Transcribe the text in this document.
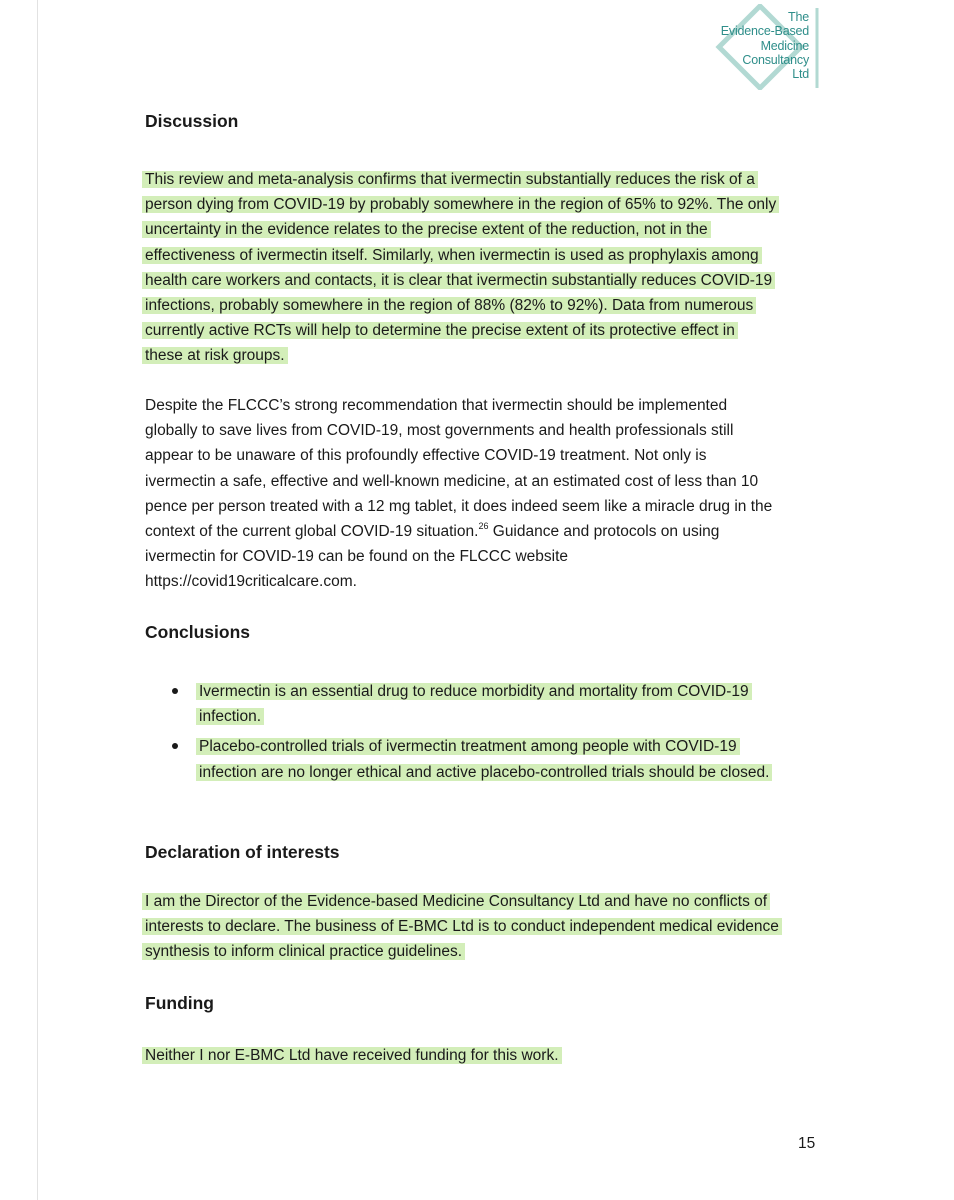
The
Evidence-Based
Medicine
Consultancy
Ltd
Discussion
This review and meta-analysis confirms that ivermectin substantially reduces the risk of a
person dying from COVID-19 by probably somewhere in the region of 65% to 92%. The only
uncertainty in the evidence relates to the precise extent of the reduction, not in the
effectiveness of ivermectin itself. Similarly, when ivermectin is used as prophylaxis among
health care workers and contacts, it is clear that ivermectin substantially reduces COVID-19
infections, probably somewhere in the region of 88% (82% to 92%). Data from numerous
currently active RCTs will help to determine the precise extent of its protective effect in
these at risk groups.
Despite the FLCCC’s strong recommendation that ivermectin should be implemented
globally to save lives from COVID-19, most governments and health professionals still
appear to be unaware of this profoundly effective COVID-19 treatment. Not only is
ivermectin a safe, effective and well-known medicine, at an estimated cost of less than 10
pence per person treated with a 12 mg tablet, it does indeed seem like a miracle drug in the
context of the current global COVID-19 situation.$^{26}$ Guidance and protocols on using
ivermectin for COVID-19 can be found on the FLCCC website
https://covid19criticalcare.com.
Conclusions
Ivermectin is an essential drug to reduce morbidity and mortality from COVID-19
infection.
Placebo-controlled trials of ivermectin treatment among people with COVID-19
infection are no longer ethical and active placebo-controlled trials should be closed.
Declaration of interests
I am the Director of the Evidence-based Medicine Consultancy Ltd and have no conflicts of
interests to declare. The business of E-BMC Ltd is to conduct independent medical evidence
synthesis to inform clinical practice guidelines.
Funding
Neither I nor E-BMC Ltd have received funding for this work.
15
